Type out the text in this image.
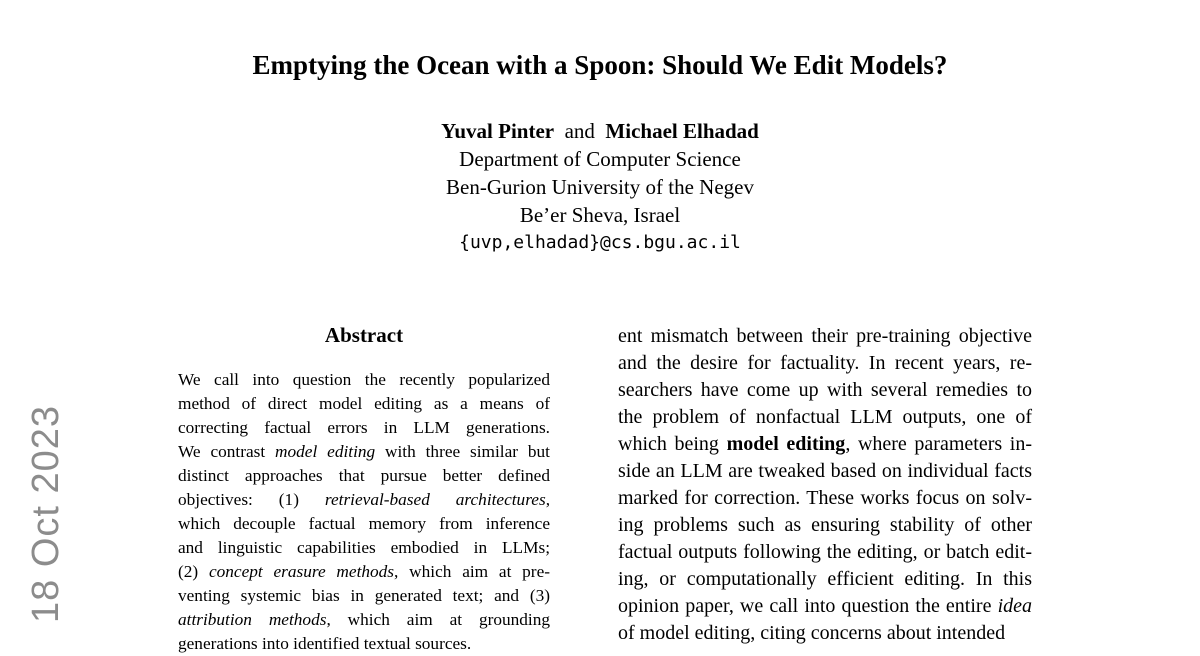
Emptying the Ocean with a Spoon: Should We Edit Models?
Yuval Pinter and Michael Elhadad
Department of Computer Science
Ben-Gurion University of the Negev
Be’er Sheva, Israel
{uvp,elhadad}@cs.bgu.ac.il
18 Oct 2023
Abstract
We call into question the recently popularized
method of direct model editing as a means of
correcting factual errors in LLM generations.
We contrast model editing with three similar but
distinct approaches that pursue better defined
objectives: (1) retrieval-based architectures,
which decouple factual memory from inference
and linguistic capabilities embodied in LLMs;
(2) concept erasure methods, which aim at pre-
venting systemic bias in generated text; and (3)
attribution methods, which aim at grounding
generations into identified textual sources.
ent mismatch between their pre-training objective
and the desire for factuality. In recent years, re-
searchers have come up with several remedies to
the problem of nonfactual LLM outputs, one of
which being model editing, where parameters in-
side an LLM are tweaked based on individual facts
marked for correction. These works focus on solv-
ing problems such as ensuring stability of other
factual outputs following the editing, or batch edit-
ing, or computationally efficient editing. In this
opinion paper, we call into question the entire idea
of model editing, citing concerns about intended
